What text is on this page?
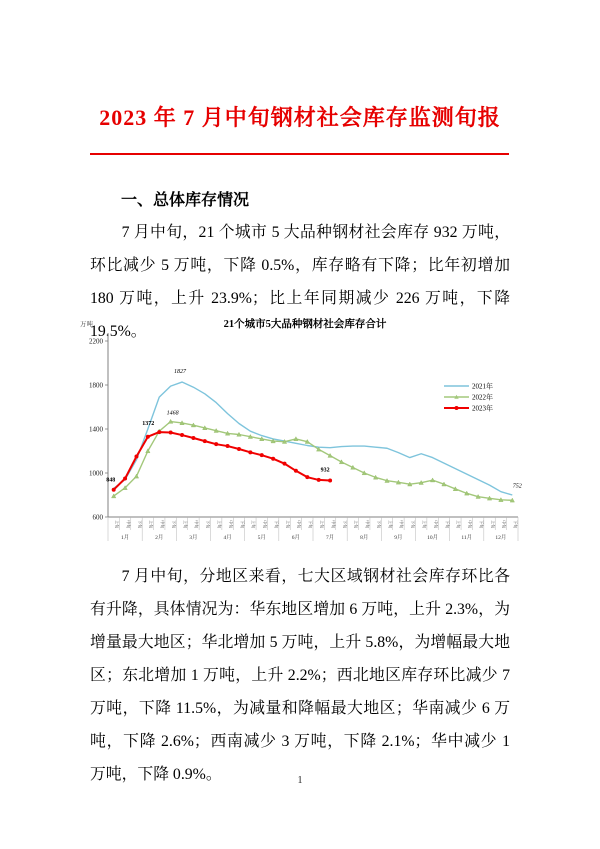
2023 年 7 月中旬钢材社会库存监测旬报
一、总体库存情况

7 月中旬，21 个城市 5 大品种钢材社会库存 932 万吨，环比减少 5 万吨，下降 0.5%，库存略有下降；比年初增加 180 万吨，上升 23.9%；比上年同期减少 226 万吨，下降 19.5%。	21个城市5大品种钢材社会库存合计
万吨
600
1000
1400
1800
2200
上旬 中旬 下旬 上旬 中旬 下旬 上旬 中旬 下旬 上旬 中旬 下旬 上旬 中旬 下旬 上旬 中旬 下旬 上旬 中旬 下旬 上旬 中旬 下旬 上旬 中旬 下旬 上旬 中旬 下旬 上旬 中旬 下旬 上旬 中旬 下旬
1月	2月	3月	4月	5月	6月	7月	8月	9月	10月	11月	12月
848
1372
1468
1827
932
752
2021年
2022年
2023年

7 月中旬，分地区来看，七大区域钢材社会库存环比各有升降，具体情况为：华东地区增加 6 万吨，上升 2.3%，为增量最大地区；华北增加 5 万吨，上升 5.8%，为增幅最大地区；东北增加 1 万吨，上升 2.2%；西北地区库存环比减少 7 万吨，下降 11.5%，为减量和降幅最大地区；华南减少 6 万吨，下降 2.6%；西南减少 3 万吨，下降 2.1%；华中减少 1 万吨，下降 0.9%。	1
